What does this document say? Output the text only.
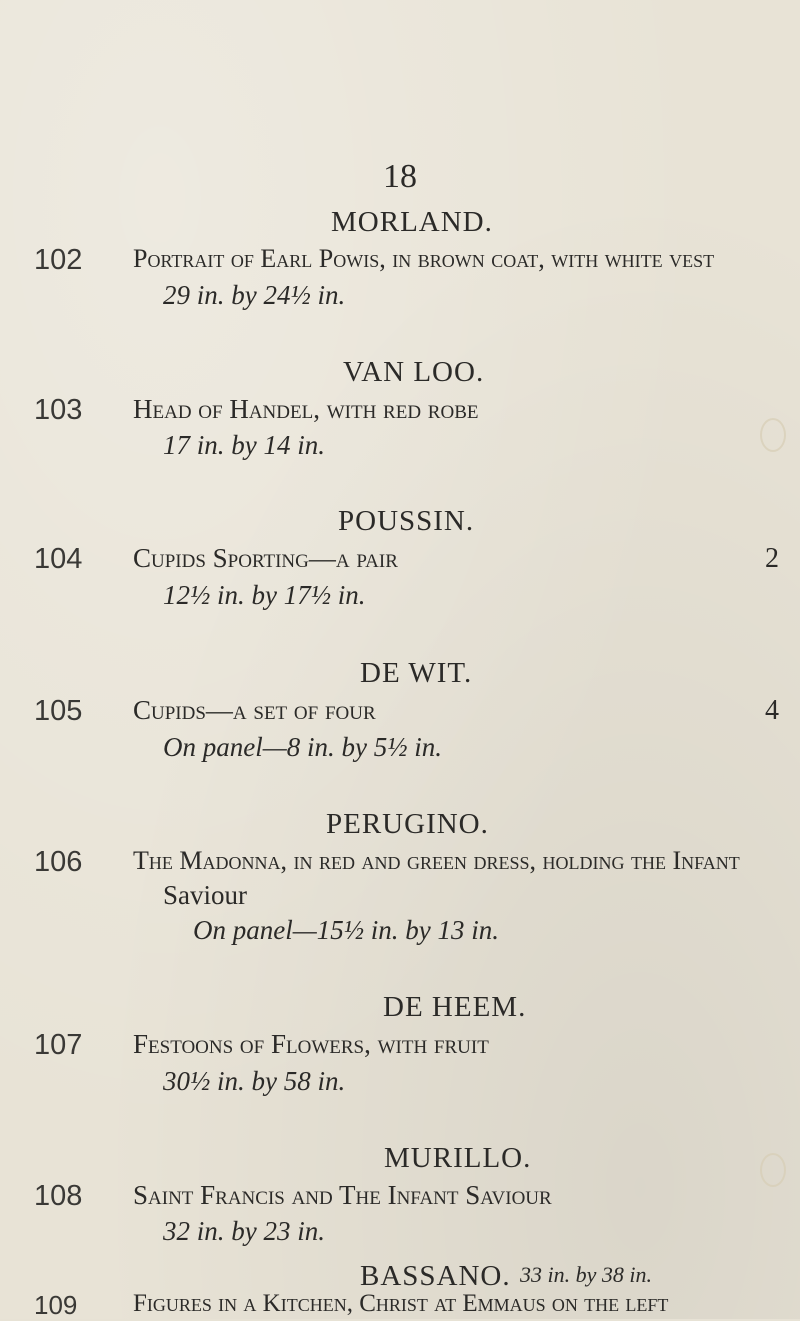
18
MORLAND.
102 Portrait of Earl Powis, in brown coat, with white vest
29 in. by 24½ in.
VAN LOO.
103 Head of Handel, with red robe
17 in. by 14 in.
POUSSIN.
104 Cupids Sporting—a pair	2
12½ in. by 17½ in.
DE WIT.
105 Cupids—a set of four	4
On panel—8 in. by 5½ in.
PERUGINO.
106 The Madonna, in red and green dress, holding the Infant
Saviour
On panel—15½ in. by 13 in.
DE HEEM.
107 Festoons of Flowers, with fruit
30½ in. by 58 in.
MURILLO.
108 Saint Francis and The Infant Saviour
32 in. by 23 in.
BASSANO.
109 Figures in a Kitchen, Christ at Emmaus on the left
33 in. by 38 in.
